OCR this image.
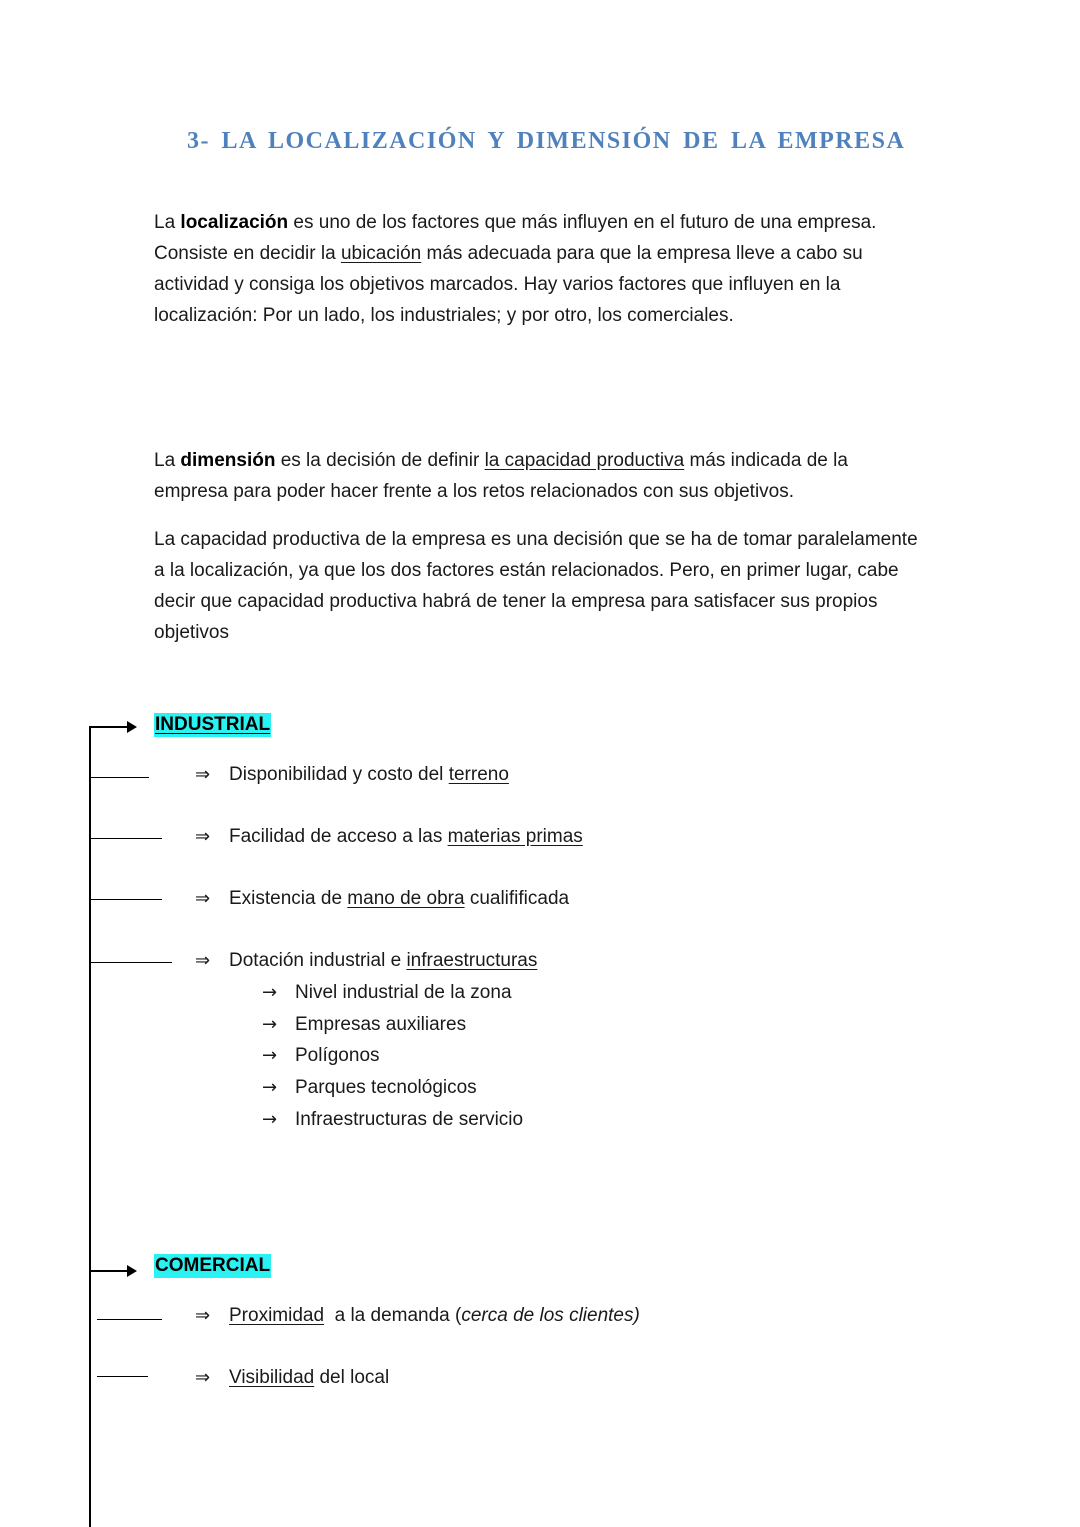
3- LA LOCALIZACIÓN Y DIMENSIÓN DE LA EMPRESA
La localización es uno de los factores que más influyen en el futuro de una empresa. Consiste en decidir la ubicación más adecuada para que la empresa lleve a cabo su actividad y consiga los objetivos marcados. Hay varios factores que influyen en la localización: Por un lado, los industriales; y por otro, los comerciales.
La dimensión es la decisión de definir la capacidad productiva más indicada de la empresa para poder hacer frente a los retos relacionados con sus objetivos.
La capacidad productiva de la empresa es una decisión que se ha de tomar paralelamente a la localización, ya que los dos factores están relacionados. Pero, en primer lugar, cabe decir que capacidad productiva habrá de tener la empresa para satisfacer sus propios objetivos
INDUSTRIAL
⇒ Disponibilidad y costo del terreno
⇒ Facilidad de acceso a las materias primas
⇒ Existencia de mano de obra cualifificada
⇒ Dotación industrial e infraestructuras
→ Nivel industrial de la zona
→ Empresas auxiliares
→ Polígonos
→ Parques tecnológicos
→ Infraestructuras de servicio
COMERCIAL
⇒ Proximidad  a la demanda (cerca de los clientes)
⇒ Visibilidad del local
